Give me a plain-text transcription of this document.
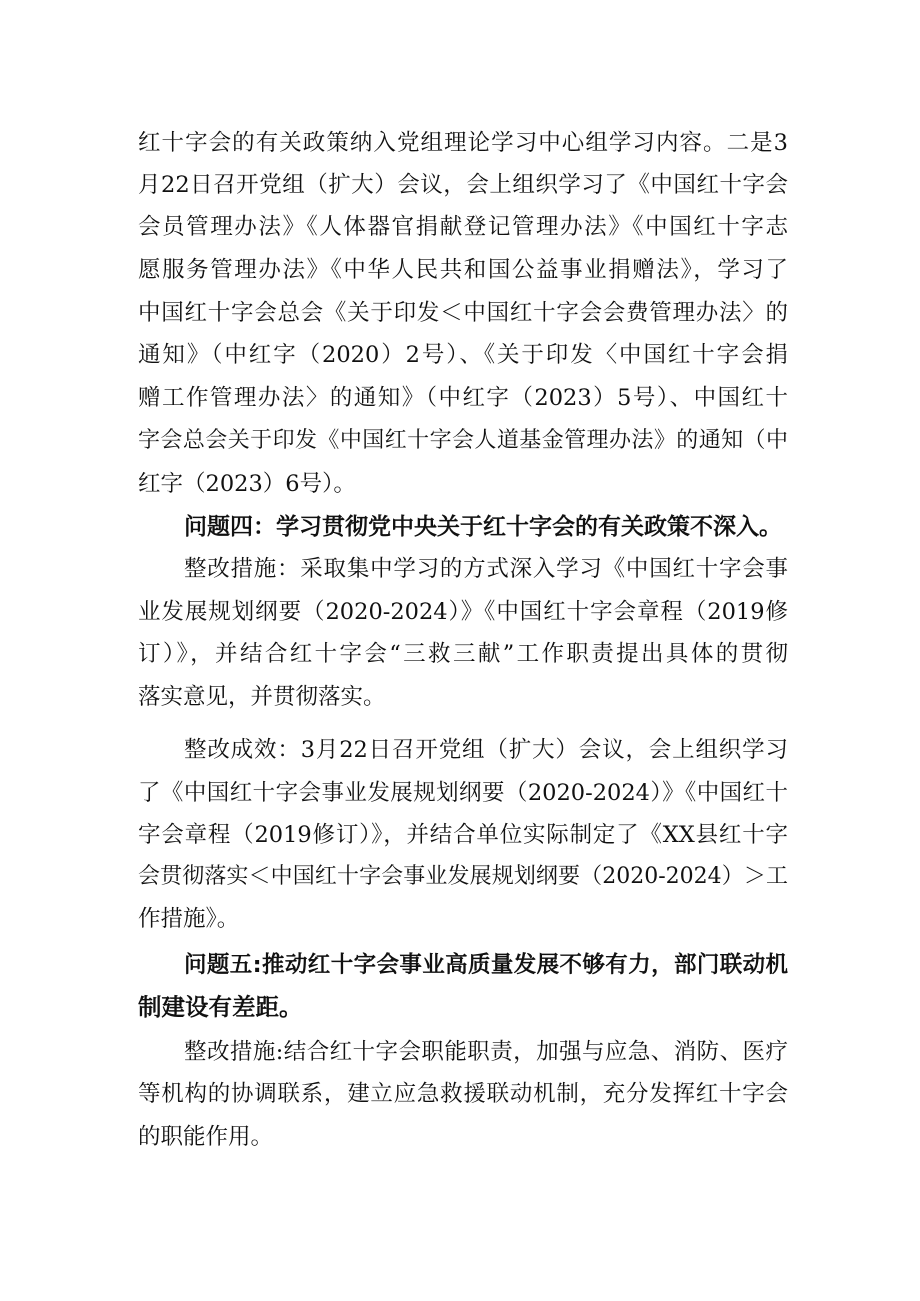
红十字会的有关政策纳入党组理论学习中心组学习内容。二是3
月22日召开党组（扩大）会议，会上组织学习了《中国红十字会
会员管理办法》《人体器官捐献登记管理办法》《中国红十字志
愿服务管理办法》《中华人民共和国公益事业捐赠法》，学习了
中国红十字会总会《关于印发＜中国红十字会会费管理办法〉的
通知》（中红字（2020）2号）、《关于印发〈中国红十字会捐
赠工作管理办法〉的通知》（中红字（2023）5号）、中国红十
字会总会关于印发《中国红十字会人道基金管理办法》的通知（中
红字（2023）6号）。
问题四：学习贯彻党中央关于红十字会的有关政策不深入。
整改措施：采取集中学习的方式深入学习《中国红十字会事
业发展规划纲要（2020-2024）》《中国红十字会章程（2019修
订）》，并结合红十字会“三救三献”工作职责提出具体的贯彻
落实意见，并贯彻落实。
整改成效：3月22日召开党组（扩大）会议，会上组织学习
了《中国红十字会事业发展规划纲要（2020-2024）》《中国红十
字会章程（2019修订）》，并结合单位实际制定了《XX县红十字
会贯彻落实＜中国红十字会事业发展规划纲要（2020-2024）＞工
作措施》。
问题五:推动红十字会事业高质量发展不够有力，部门联动机
制建设有差距。
整改措施:结合红十字会职能职责，加强与应急、消防、医疗
等机构的协调联系，建立应急救援联动机制，充分发挥红十字会
的职能作用。
